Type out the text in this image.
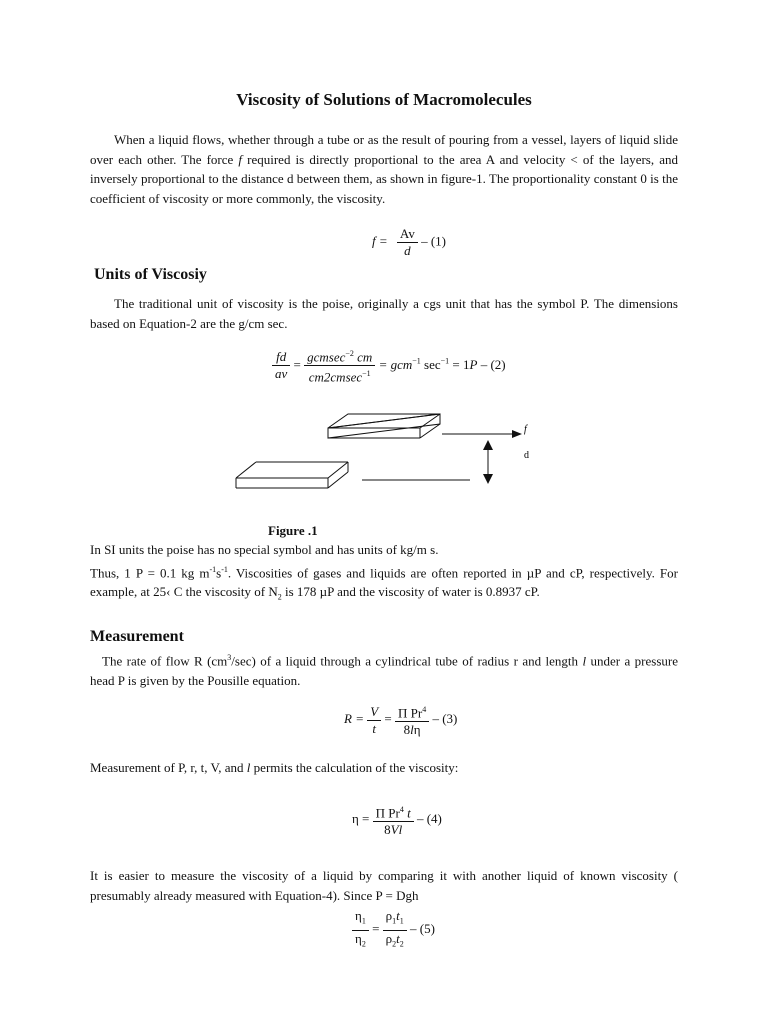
Viscosity of Solutions of Macromolecules
When a liquid flows, whether through a tube or as the result of pouring from a vessel, layers of liquid slide over each other. The force f required is directly proportional to the area A and velocity < of the layers, and inversely proportional to the distance d between them, as shown in figure-1. The proportionality constant 0 is the coefficient of viscosity or more commonly, the viscosity.
$f = \frac{Av}{d} - (1)$
Units of Viscosiy
The traditional unit of viscosity is the poise, originally a cgs unit that has the symbol P. The dimensions based on Equation-2 are the g/cm sec.
$\frac{fd}{av} = \frac{gcmsec^{-2} cm}{cm2cmsec^{-1}} = gcm^{-1}$ $\sec^{-1} = 1P - (2)$
f
d
Figure .1
In SI units the poise has no special symbol and has units of kg/m s.
Thus, 1 P = 0.1 kg $m^{-1}s^{-1}$. Viscosities of gases and liquids are often reported in µP and cP, respectively. For example, at 25‹ C the viscosity of $N_2$ is 178 µP and the viscosity of water is 0.8937 cP.
Measurement
The rate of flow R $(cm^3/\sec)$ of a liquid through a cylindrical tube of radius r and length l under a pressure head P is given by the Pousille equation.
$R = \frac{V}{t} = \frac{\Pi Pr^4}{8l\eta} - (3)$
Measurement of P, r, t, V, and l permits the calculation of the viscosity:
$\eta = \frac{\Pi Pr^4 t}{8Vl} - (4)$
It is easier to measure the viscosity of a liquid by comparing it with another liquid of known viscosity ( presumably already measured with Equation-4). Since P = Dgh
$\frac{\eta_1}{\eta_2} = \frac{\rho_1t_1}{\rho_2t_2} - (5)$
